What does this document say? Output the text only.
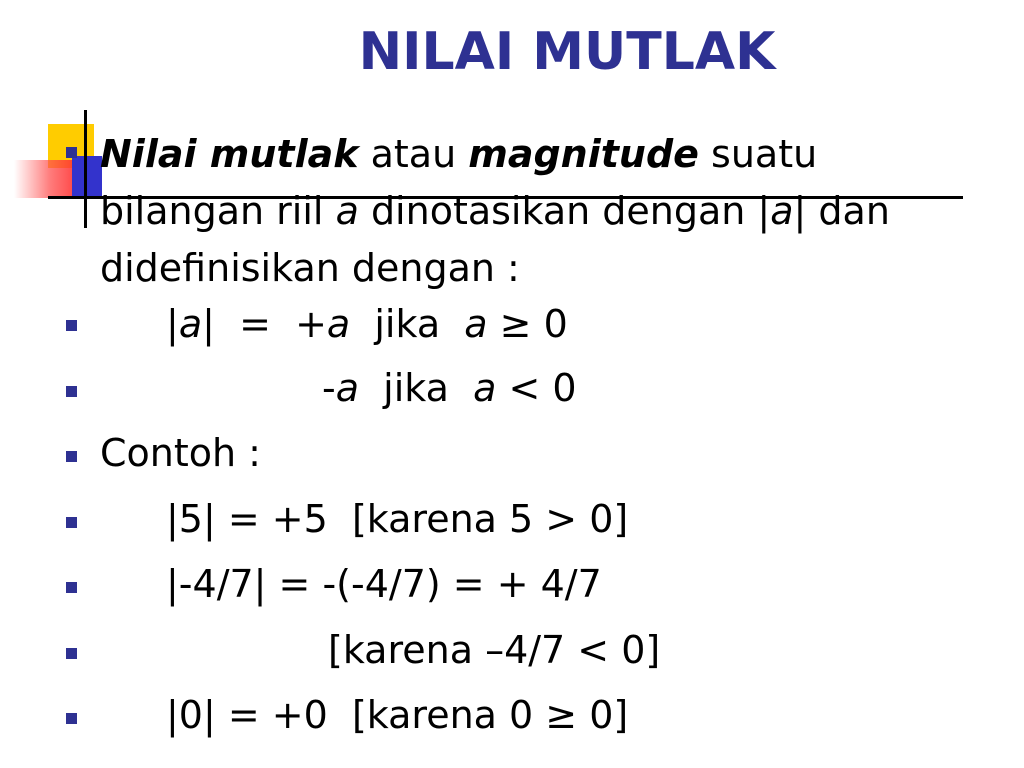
NILAI MUTLAK
Nilai mutlak atau magnitude suatu bilangan riil a dinotasikan dengan |a| dan didefinisikan dengan :
|a|  =  +a  jika  a ≥ 0
-a  jika  a < 0
Contoh :
|5| = +5  [karena 5 > 0]
|-4/7| = -(-4/7) = + 4/7
[karena –4/7 < 0]
|0| = +0  [karena 0 ≥ 0]
